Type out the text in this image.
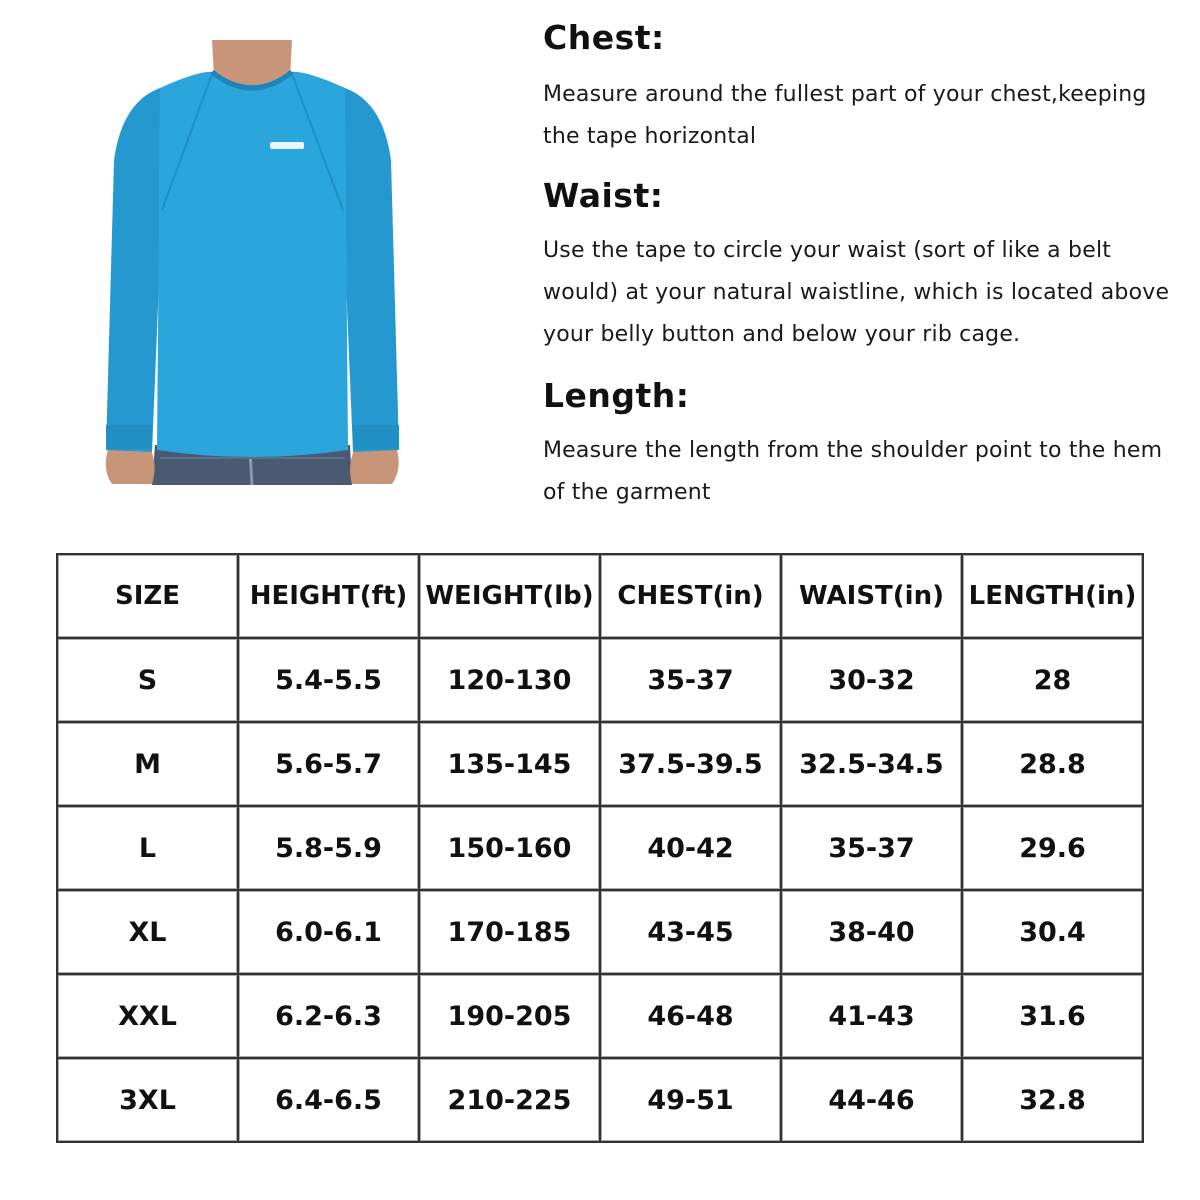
Chest:

Measure around the fullest part of your chest,keeping the tape horizontal

Waist:

Use the tape to circle your waist (sort of like a belt would) at your natural waistline, which is located above your belly button and below your rib cage.

Length:

Measure the length from the shoulder point to the hem of the garment

SIZE	HEIGHT(ft)	WEIGHT(lb)	CHEST(in)	WAIST(in)	LENGTH(in)
S	5.4-5.5	120-130	35-37	30-32	28
M	5.6-5.7	135-145	37.5-39.5	32.5-34.5	28.8
L	5.8-5.9	150-160	40-42	35-37	29.6
XL	6.0-6.1	170-185	43-45	38-40	30.4
XXL	6.2-6.3	190-205	46-48	41-43	31.6
3XL	6.4-6.5	210-225	49-51	44-46	32.8
